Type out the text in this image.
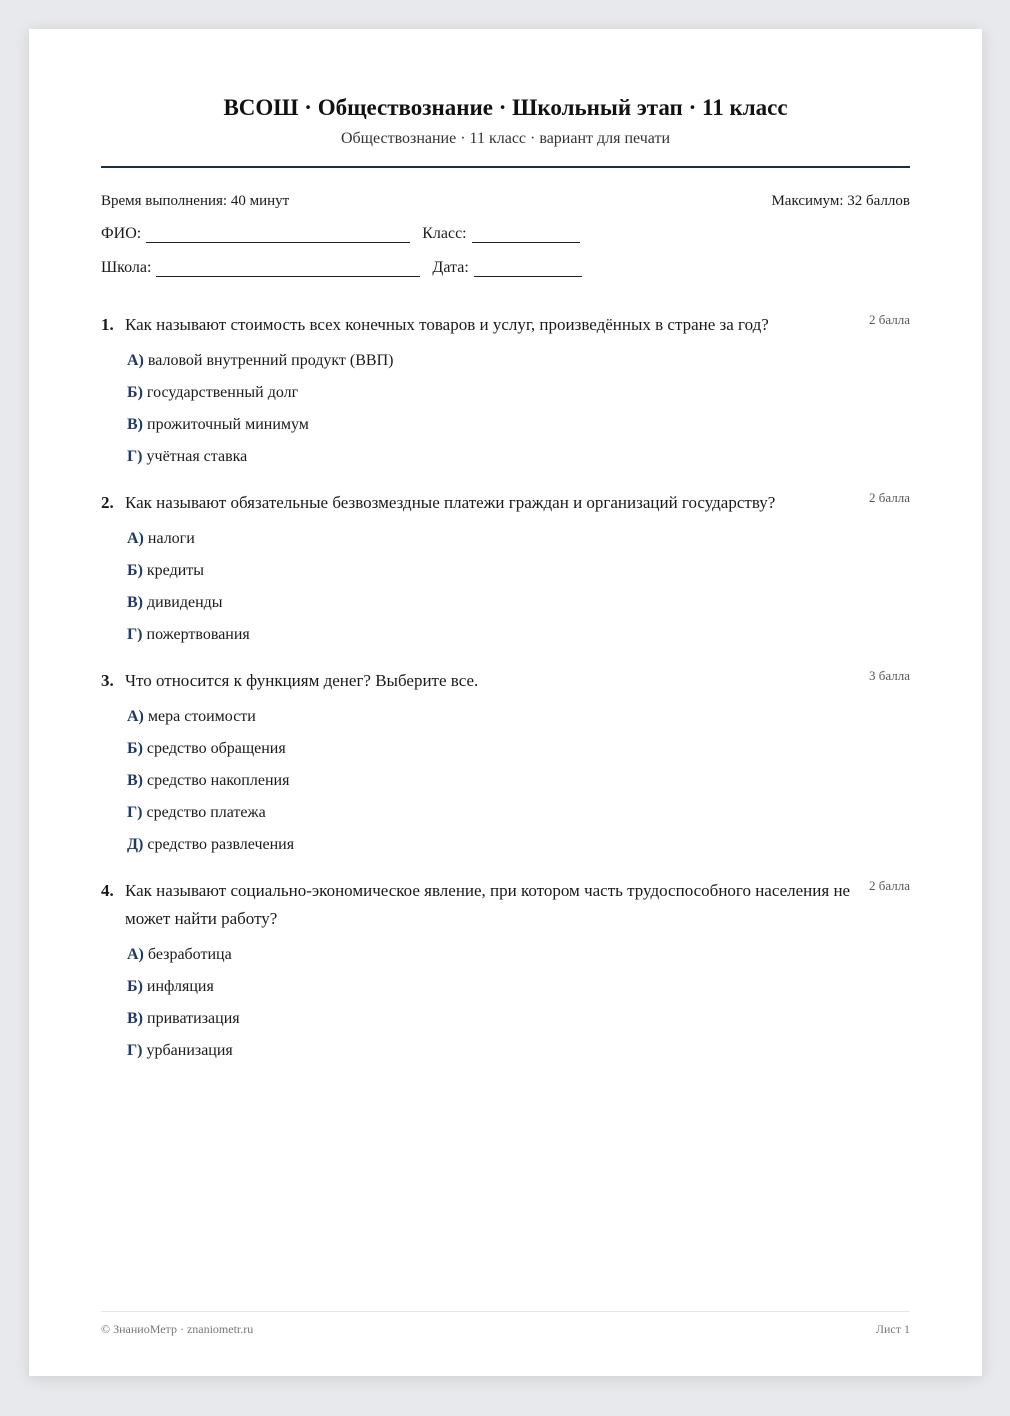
ВСОШ · Обществознание · Школьный этап · 11 класс
Обществознание · 11 класс · вариант для печати
Время выполнения: 40 минут	Максимум: 32 баллов
ФИО:	Класс:
Школа:	Дата:
1. Как называют стоимость всех конечных товаров и услуг, произведённых в стране за год?	2 балла
А) валовой внутренний продукт (ВВП)
Б) государственный долг
В) прожиточный минимум
Г) учётная ставка
2. Как называют обязательные безвозмездные платежи граждан и организаций государству?	2 балла
А) налоги
Б) кредиты
В) дивиденды
Г) пожертвования
3. Что относится к функциям денег? Выберите все.	3 балла
А) мера стоимости
Б) средство обращения
В) средство накопления
Г) средство платежа
Д) средство развлечения
4. Как называют социально-экономическое явление, при котором часть трудоспособного населения не может найти работу?
2 балла
А) безработица
Б) инфляция
В) приватизация
Г) урбанизация
© ЗнаниоМетр · znaniometr.ru	Лист 1
